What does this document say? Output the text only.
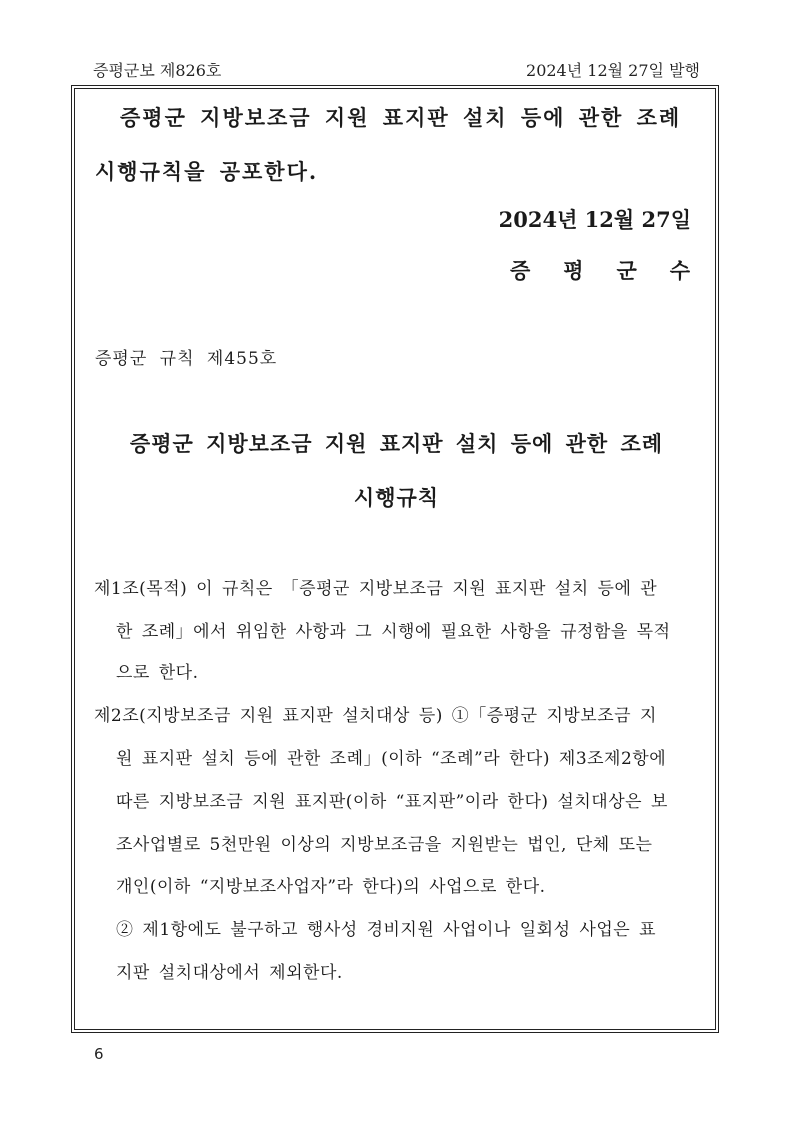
증평군보 제826호	2024년 12월 27일 발행
증평군 지방보조금 지원 표지판 설치 등에 관한 조례
시행규칙을 공포한다.
2024년 12월 27일
증 평 군 수
증평군 규칙 제455호
증평군 지방보조금 지원 표지판 설치 등에 관한 조례
시행규칙
제1조(목적) 이 규칙은 「증평군 지방보조금 지원 표지판 설치 등에 관
한 조례」에서 위임한 사항과 그 시행에 필요한 사항을 규정함을 목적
으로 한다.
제2조(지방보조금 지원 표지판 설치대상 등) ①「증평군 지방보조금 지
원 표지판 설치 등에 관한 조례」(이하 “조례”라 한다) 제3조제2항에
따른 지방보조금 지원 표지판(이하 “표지판”이라 한다) 설치대상은 보
조사업별로 5천만원 이상의 지방보조금을 지원받는 법인, 단체 또는
개인(이하 “지방보조사업자”라 한다)의 사업으로 한다.
② 제1항에도 불구하고 행사성 경비지원 사업이나 일회성 사업은 표
지판 설치대상에서 제외한다.
6
